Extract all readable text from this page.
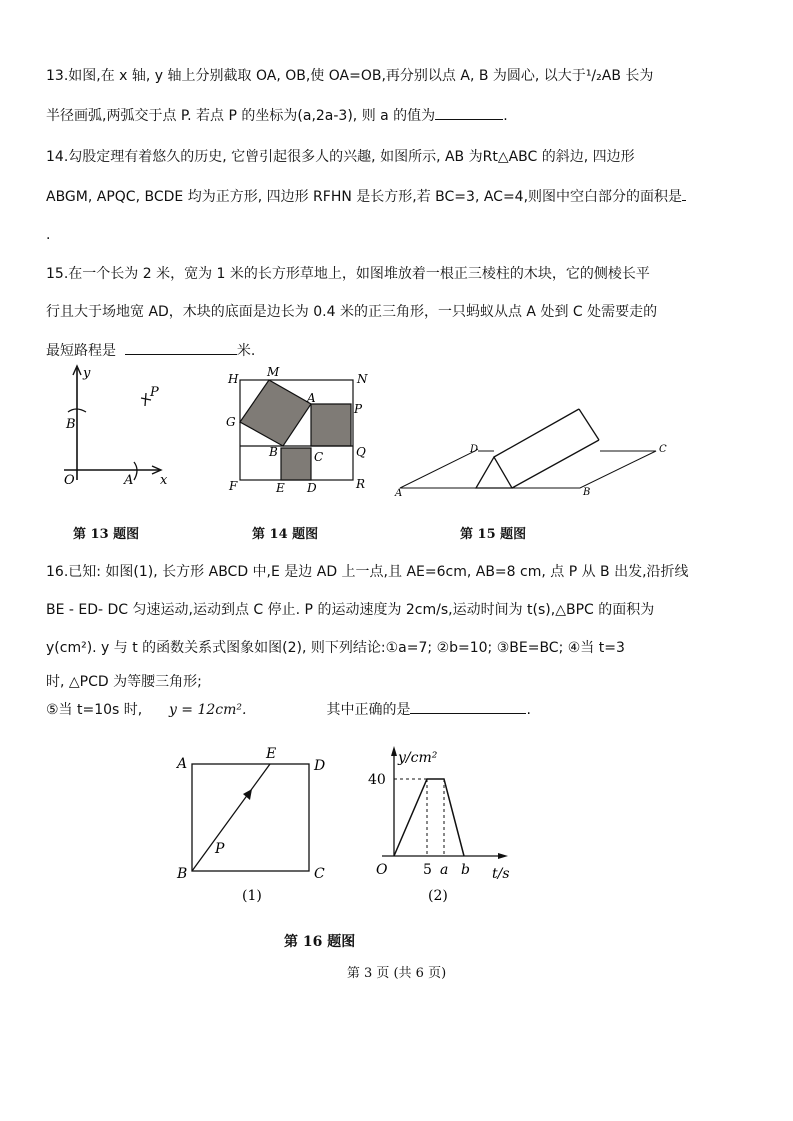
13.如图,在 x 轴, y 轴上分别截取 OA, OB,使 OA=OB,再分别以点 A, B 为圆心, 以大于¹/₂AB 长为
半径画弧,两弧交于点 P. 若点 P 的坐标为(a,2a-3), 则 a 的值为	.
14.勾股定理有着悠久的历史, 它曾引起很多人的兴趣, 如图所示, AB 为Rt△ABC 的斜边, 四边形
ABGM, APQC, BCDE 均为正方形, 四边形 RFHN 是长方形,若 BC=3, AC=4,则图中空白部分的面积是
.
15.在一个长为 2 米，宽为 1 米的长方形草地上，如图堆放着一根正三棱柱的木块，它的侧棱长平
行且大于场地宽 AD，木块的底面是边长为 0.4 米的正三角形，一只蚂蚁从点 A 处到 C 处需要走的
最短路程是	米.
y
x
O	A
B
P
第 13 题图
H M	N
A
P
G
B	C	Q
F	E D	R
第 14 题图
D	C
A	B
第 15 题图
16.已知: 如图(1), 长方形 ABCD 中,E 是边 AD 上一点,且 AE=6cm, AB=8 cm, 点 P 从 B 出发,沿折线
BE - ED- DC 匀速运动,运动到点 C 停止. P 的运动速度为 2cm/s,运动时间为 t(s),△BPC 的面积为
y(cm²). y 与 t 的函数关系式图象如图(2), 则下列结论:①a=7; ②b=10; ③BE=BC; ④当 t=3
时, △PCD 为等腰三角形;
⑤当 t=10s 时, y = 12cm².	其中正确的是	.
A
E
D
P
B	C
(1)
y/cm²
40
O	5 a b t/s
(2)
第 16 题图
第 3 页 (共 6 页)
